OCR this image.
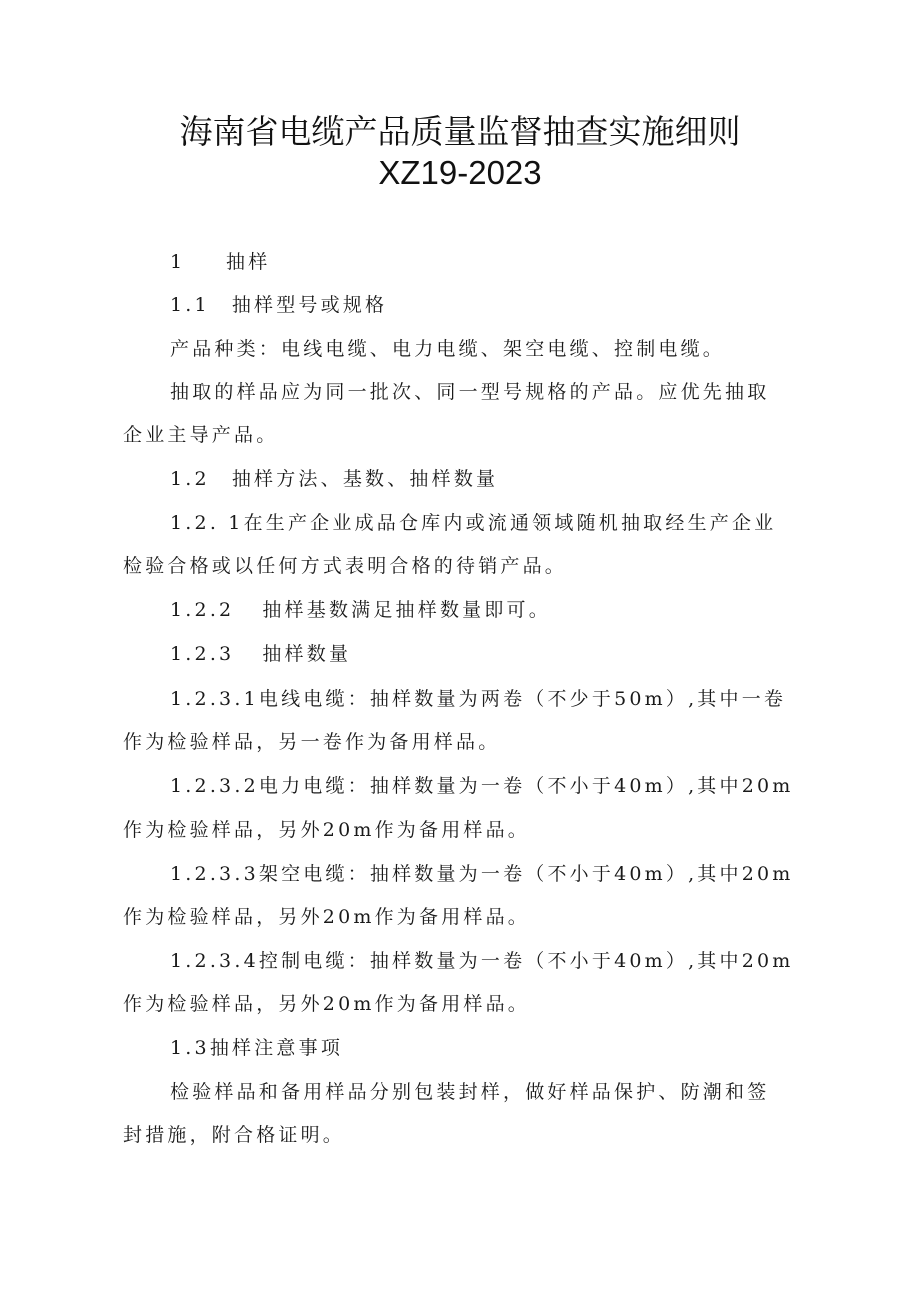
海南省电缆产品质量监督抽查实施细则
XZ19-2023
1 抽样
1.1 抽样型号或规格
产品种类：电线电缆、电力电缆、架空电缆、控制电缆。
抽取的样品应为同一批次、同一型号规格的产品。应优先抽取
企业主导产品。
1.2 抽样方法、基数、抽样数量
1.2. 1在生产企业成品仓库内或流通领域随机抽取经生产企业
检验合格或以任何方式表明合格的待销产品。
1.2.2 抽样基数满足抽样数量即可。
1.2.3 抽样数量
1.2.3.1电线电缆：抽样数量为两卷（不少于50m）,其中一卷
作为检验样品，另一卷作为备用样品。
1.2.3.2电力电缆：抽样数量为一卷（不小于40m）,其中20m
作为检验样品，另外20m作为备用样品。
1.2.3.3架空电缆：抽样数量为一卷（不小于40m）,其中20m
作为检验样品，另外20m作为备用样品。
1.2.3.4控制电缆：抽样数量为一卷（不小于40m）,其中20m
作为检验样品，另外20m作为备用样品。
1.3抽样注意事项
检验样品和备用样品分别包装封样，做好样品保护、防潮和签
封措施，附合格证明。
